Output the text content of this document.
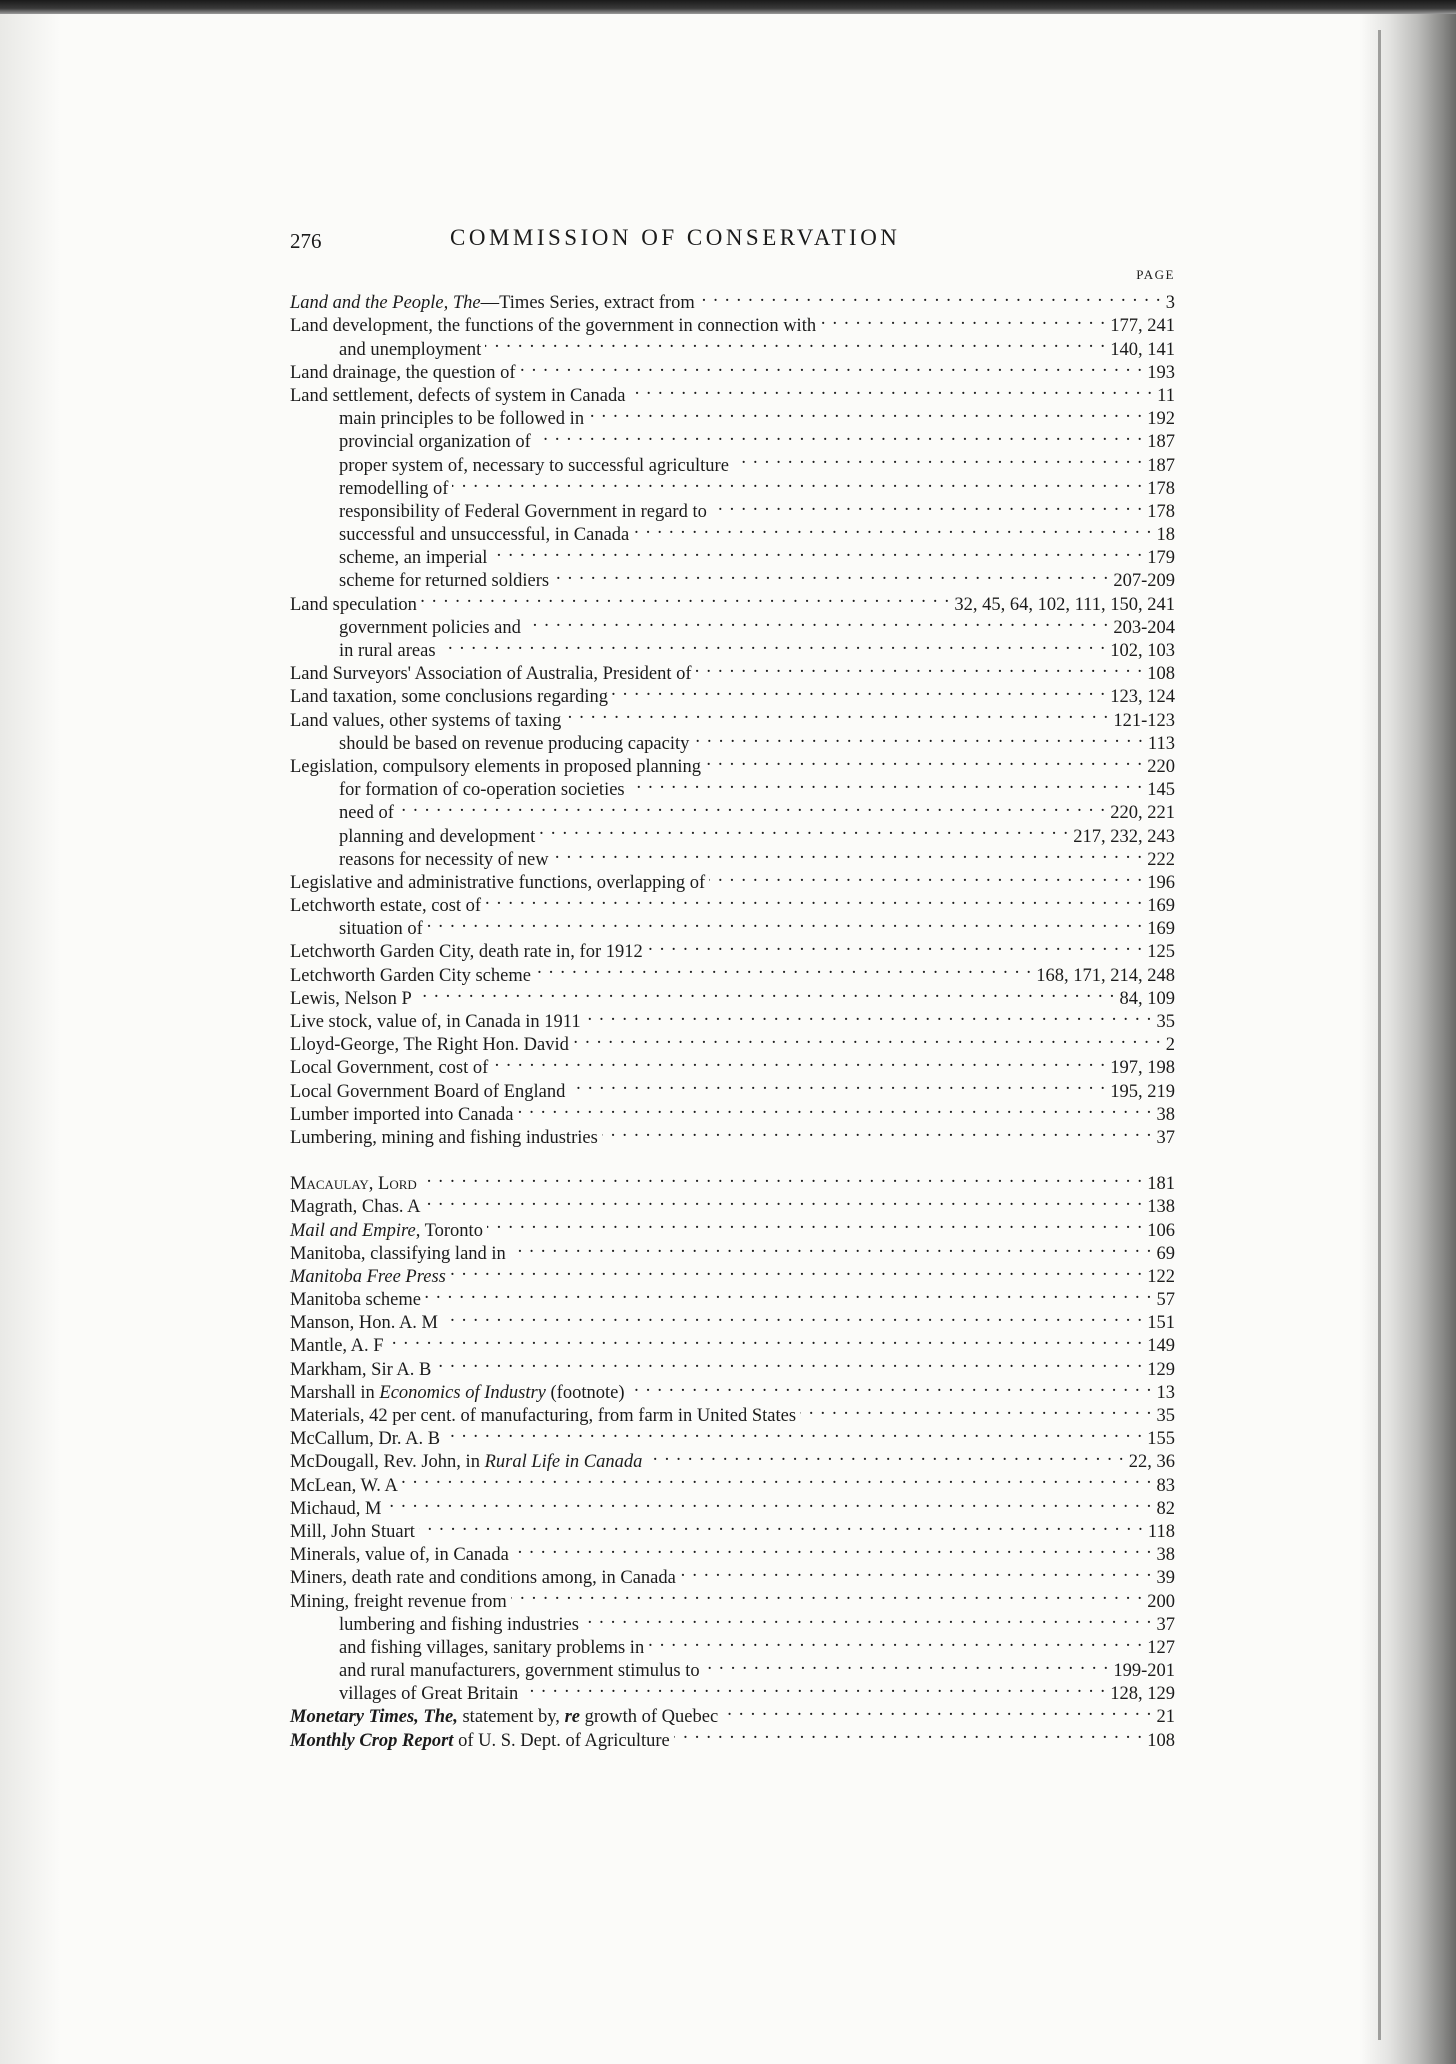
276	COMMISSION OF CONSERVATION
PAGE
Land and the People, The—Times Series, extract from . . .	3
Land development, the functions of the government in connection with . . .	177, 241
and unemployment . . .	140, 141
Land drainage, the question of . . .	193
Land settlement, defects of system in Canada . . .	11
main principles to be followed in . . .	192
provincial organization of . . .	187
proper system of, necessary to successful agriculture . . .	187
remodelling of . . .	178
responsibility of Federal Government in regard to . . .	178
successful and unsuccessful, in Canada . . .	18
scheme, an imperial . . .	179
scheme for returned soldiers . . .	207-209
Land speculation . . .	32, 45, 64, 102, 111, 150, 241
government policies and . . .	203-204
in rural areas . . .	102, 103
Land Surveyors' Association of Australia, President of . . .	108
Land taxation, some conclusions regarding . . .	123, 124
Land values, other systems of taxing . . .	121-123
should be based on revenue producing capacity . . .	113
Legislation, compulsory elements in proposed planning . . .	220
for formation of co-operation societies . . .	145
need of . . .	220, 221
planning and development . . .	217, 232, 243
reasons for necessity of new . . .	222
Legislative and administrative functions, overlapping of . . .	196
Letchworth estate, cost of . . .	169
situation of . . .	169
Letchworth Garden City, death rate in, for 1912 . . .	125
Letchworth Garden City scheme . . .	168, 171, 214, 248
Lewis, Nelson P . . .	84, 109
Live stock, value of, in Canada in 1911 . . .	35
Lloyd-George, The Right Hon. David . . .	2
Local Government, cost of . . .	197, 198
Local Government Board of England . . .	195, 219
Lumber imported into Canada . . .	38
Lumbering, mining and fishing industries . . .	37
Macaulay, Lord . . .	181
Magrath, Chas. A . . .	138
Mail and Empire, Toronto . . .	106
Manitoba, classifying land in . . .	69
Manitoba Free Press . . .	122
Manitoba scheme . . .	57
Manson, Hon. A. M . . .	151
Mantle, A. F . . .	149
Markham, Sir A. B . . .	129
Marshall in Economics of Industry (footnote) . . .	13
Materials, 42 per cent. of manufacturing, from farm in United States . . .	35
McCallum, Dr. A. B . . .	155
McDougall, Rev. John, in Rural Life in Canada . . .	22, 36
McLean, W. A . . .	83
Michaud, M . . .	82
Mill, John Stuart . . .	118
Minerals, value of, in Canada . . .	38
Miners, death rate and conditions among, in Canada . . .	39
Mining, freight revenue from . . .	200
lumbering and fishing industries . . .	37
and fishing villages, sanitary problems in . . .	127
and rural manufacturers, government stimulus to . . .	199-201
villages of Great Britain . . .	128, 129
Monetary Times, The, statement by, re growth of Quebec . . .	21
Monthly Crop Report of U. S. Dept. of Agriculture . . .	108
